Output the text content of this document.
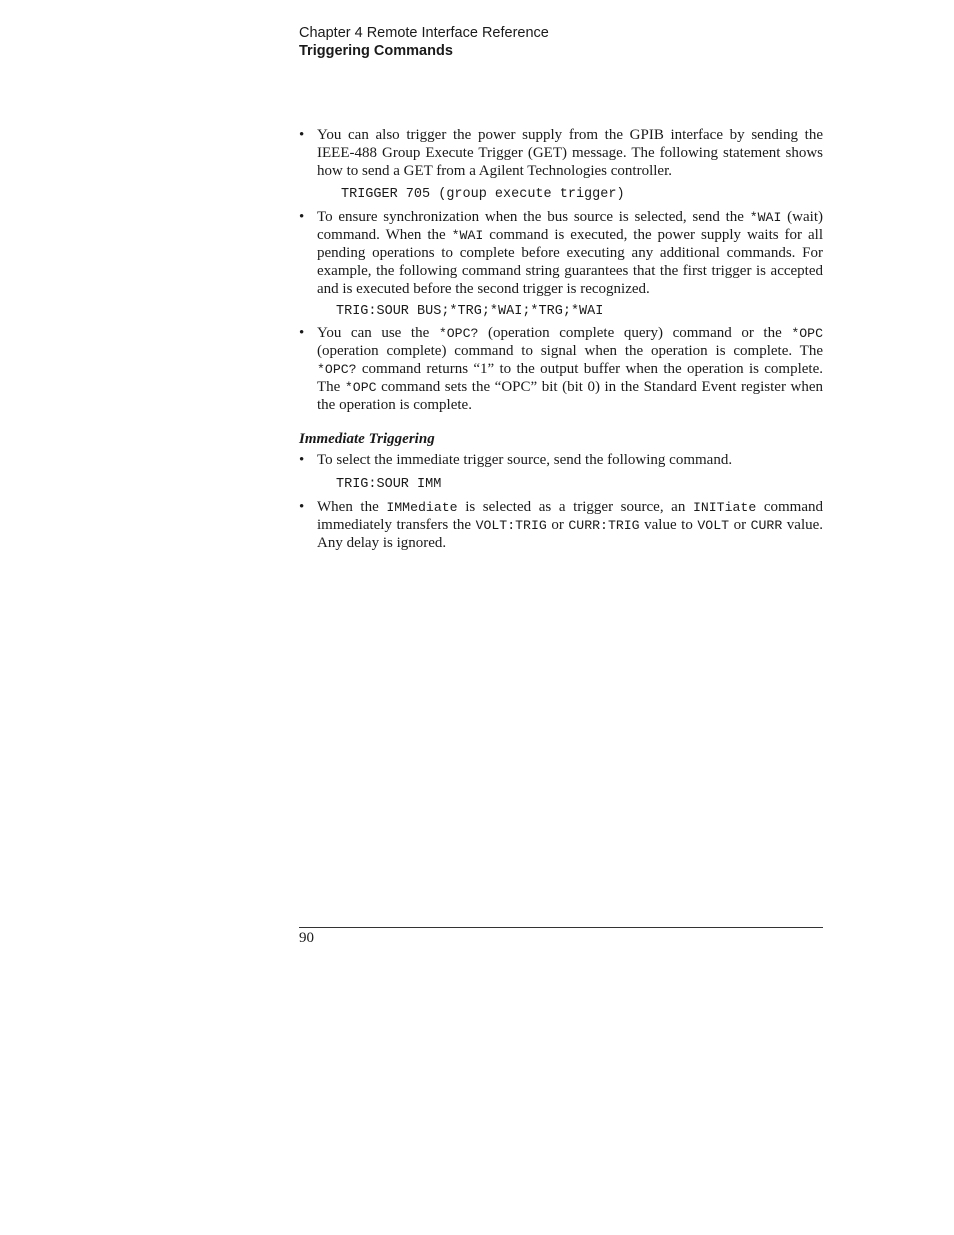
Chapter 4 Remote Interface Reference
Triggering Commands

• You can also trigger the power supply from the GPIB interface by sending the IEEE-488 Group Execute Trigger (GET) message. The following statement shows how to send a GET from a Agilent Technologies controller.

TRIGGER 705 (group execute trigger)

• To ensure synchronization when the bus source is selected, send the *WAI (wait) command. When the *WAI command is executed, the power supply waits for all pending operations to complete before executing any additional commands. For example, the following command string guarantees that the first trigger is accepted and is executed before the second trigger is recognized.

TRIG:SOUR BUS;*TRG;*WAI;*TRG;*WAI

• You can use the *OPC? (operation complete query) command or the *OPC (operation complete) command to signal when the operation is complete. The *OPC? command returns “1” to the output buffer when the operation is complete. The *OPC command sets the “OPC” bit (bit 0) in the Standard Event register when the operation is complete.

Immediate Triggering

• To select the immediate trigger source, send the following command.

TRIG:SOUR IMM

• When the IMMediate is selected as a trigger source, an INITiate command immediately transfers the VOLT:TRIG or CURR:TRIG value to VOLT or CURR value. Any delay is ignored.

90
